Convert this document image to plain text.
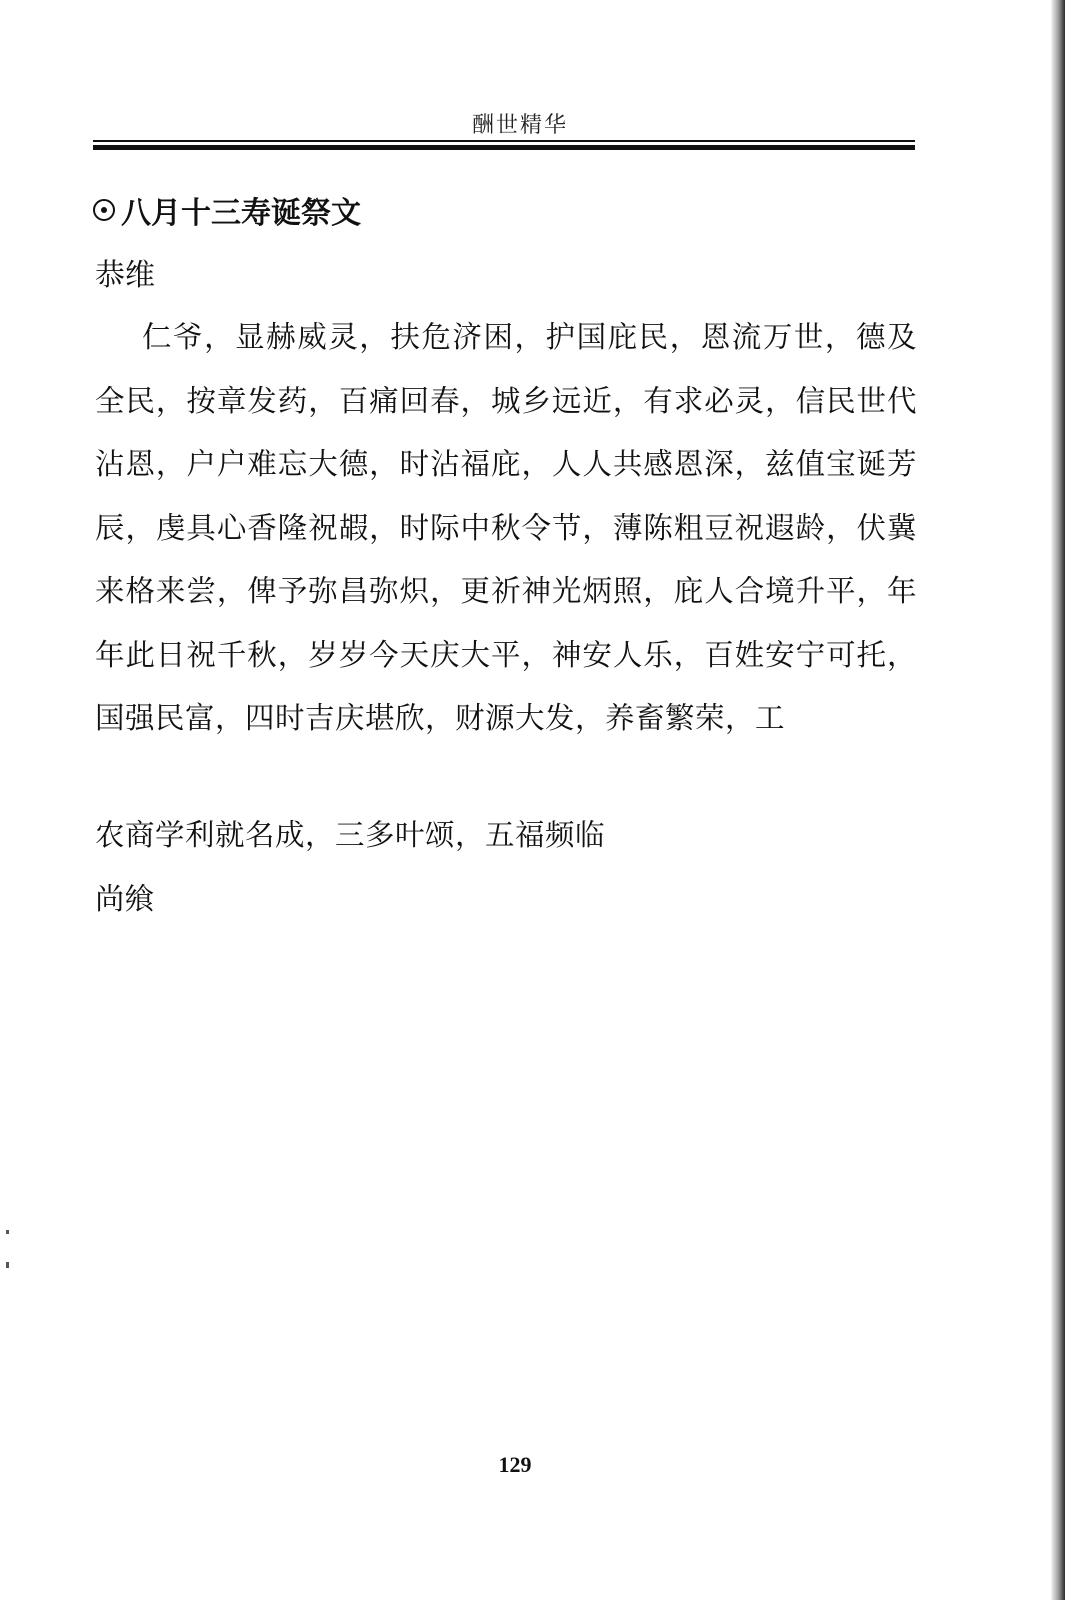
酬世精华
八月十三寿诞祭文
恭维
仁爷，显赫威灵，扶危济困，护国庇民，恩流万世，德及全民，按章发药，百痛回春，城乡远近，有求必灵，信民世代沾恩，户户难忘大德，时沾福庇，人人共感恩深，兹值宝诞芳辰，虔具心香隆祝嘏，时际中秋令节，薄陈粗豆祝遐龄，伏冀来格来尝，俾予弥昌弥炽，更祈神光炳照，庇人合境升平，年年此日祝千秋，岁岁今天庆大平，神安人乐，百姓安宁可托，国强民富，四时吉庆堪欣，财源大发，养畜繁荣，工
农商学利就名成，三多叶颂，五福频临
尚飨
129
